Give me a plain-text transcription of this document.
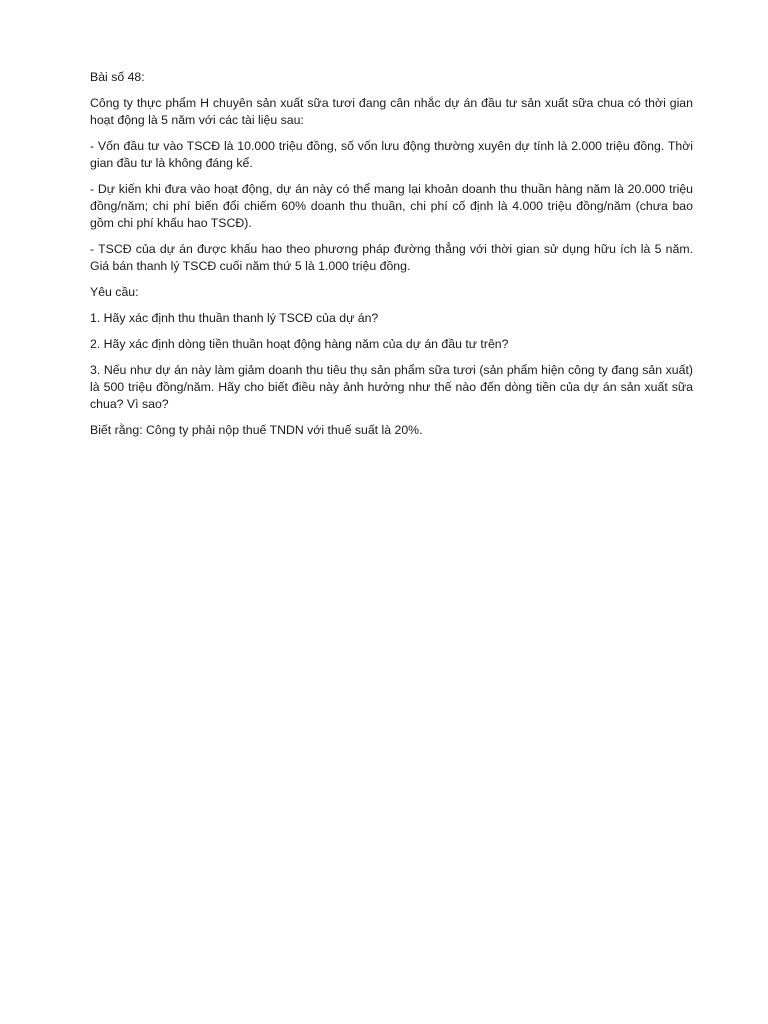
Bài số 48:

Công ty thực phẩm H chuyên sản xuất sữa tươi đang cân nhắc dự án đầu tư sản xuất sữa chua có thời gian hoạt động là 5 năm với các tài liệu sau:

- Vốn đầu tư vào TSCĐ là 10.000 triệu đồng, số vốn lưu động thường xuyên dự tính là 2.000 triệu đồng. Thời gian đầu tư là không đáng kể.

- Dự kiến khi đưa vào hoạt động, dự án này có thể mang lại khoản doanh thu thuần hàng năm là 20.000 triệu đồng/năm; chi phí biến đổi chiếm 60% doanh thu thuần, chi phí cố định là 4.000 triệu đồng/năm (chưa bao gồm chi phí khấu hao TSCĐ).

- TSCĐ của dự án được khấu hao theo phương pháp đường thẳng với thời gian sử dụng hữu ích là 5 năm. Giá bán thanh lý TSCĐ cuối năm thứ 5 là 1.000 triệu đồng.

Yêu cầu:

1. Hãy xác định thu thuần thanh lý TSCĐ của dự án?

2. Hãy xác định dòng tiền thuần hoạt động hàng năm của dự án đầu tư trên?

3. Nếu như dự án này làm giảm doanh thu tiêu thụ sản phẩm sữa tươi (sản phẩm hiện công ty đang sản xuất) là 500 triệu đồng/năm. Hãy cho biết điều này ảnh hưởng như thế nào đến dòng tiền của dự án sản xuất sữa chua? Vì sao?

Biết rằng: Công ty phải nộp thuế TNDN với thuế suất là 20%.
